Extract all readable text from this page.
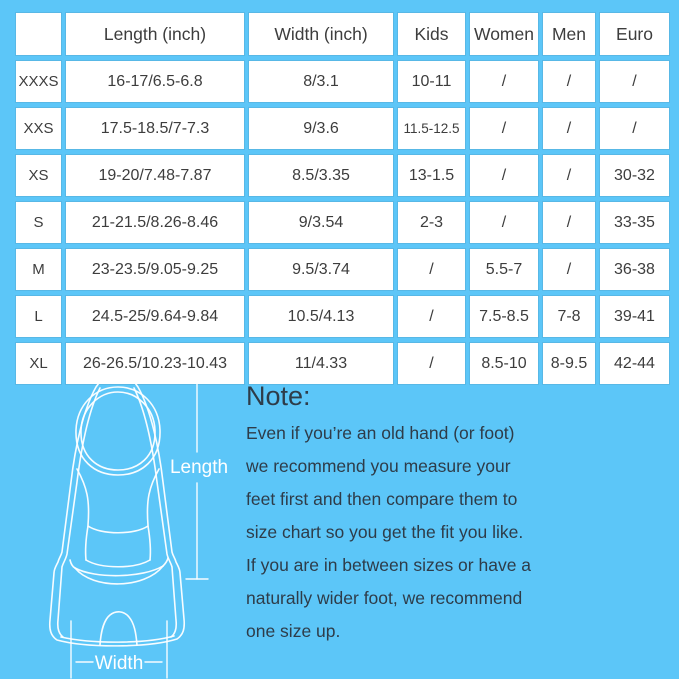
	Length (inch)	Width (inch)	Kids	Women	Men	Euro
XXXS	16-17/6.5-6.8	8/3.1	10-11	/	/	/
XXS	17.5-18.5/7-7.3	9/3.6	11.5-12.5	/	/	/
XS	19-20/7.48-7.87	8.5/3.35	13-1.5	/	/	30-32
S	21-21.5/8.26-8.46	9/3.54	2-3	/	/	33-35
M	23-23.5/9.05-9.25	9.5/3.74	/	5.5-7	/	36-38
L	24.5-25/9.64-9.84	10.5/4.13	/	7.5-8.5	7-8	39-41
XL	26-26.5/10.23-10.43	11/4.33	/	8.5-10	8-9.5	42-44
Length
Width
Note:
Even if you’re an old hand (or foot)
we recommend you measure your
feet first and then compare them to
size chart so you get the fit you like.
If you are in between sizes or have a
naturally wider foot, we recommend
one size up.
